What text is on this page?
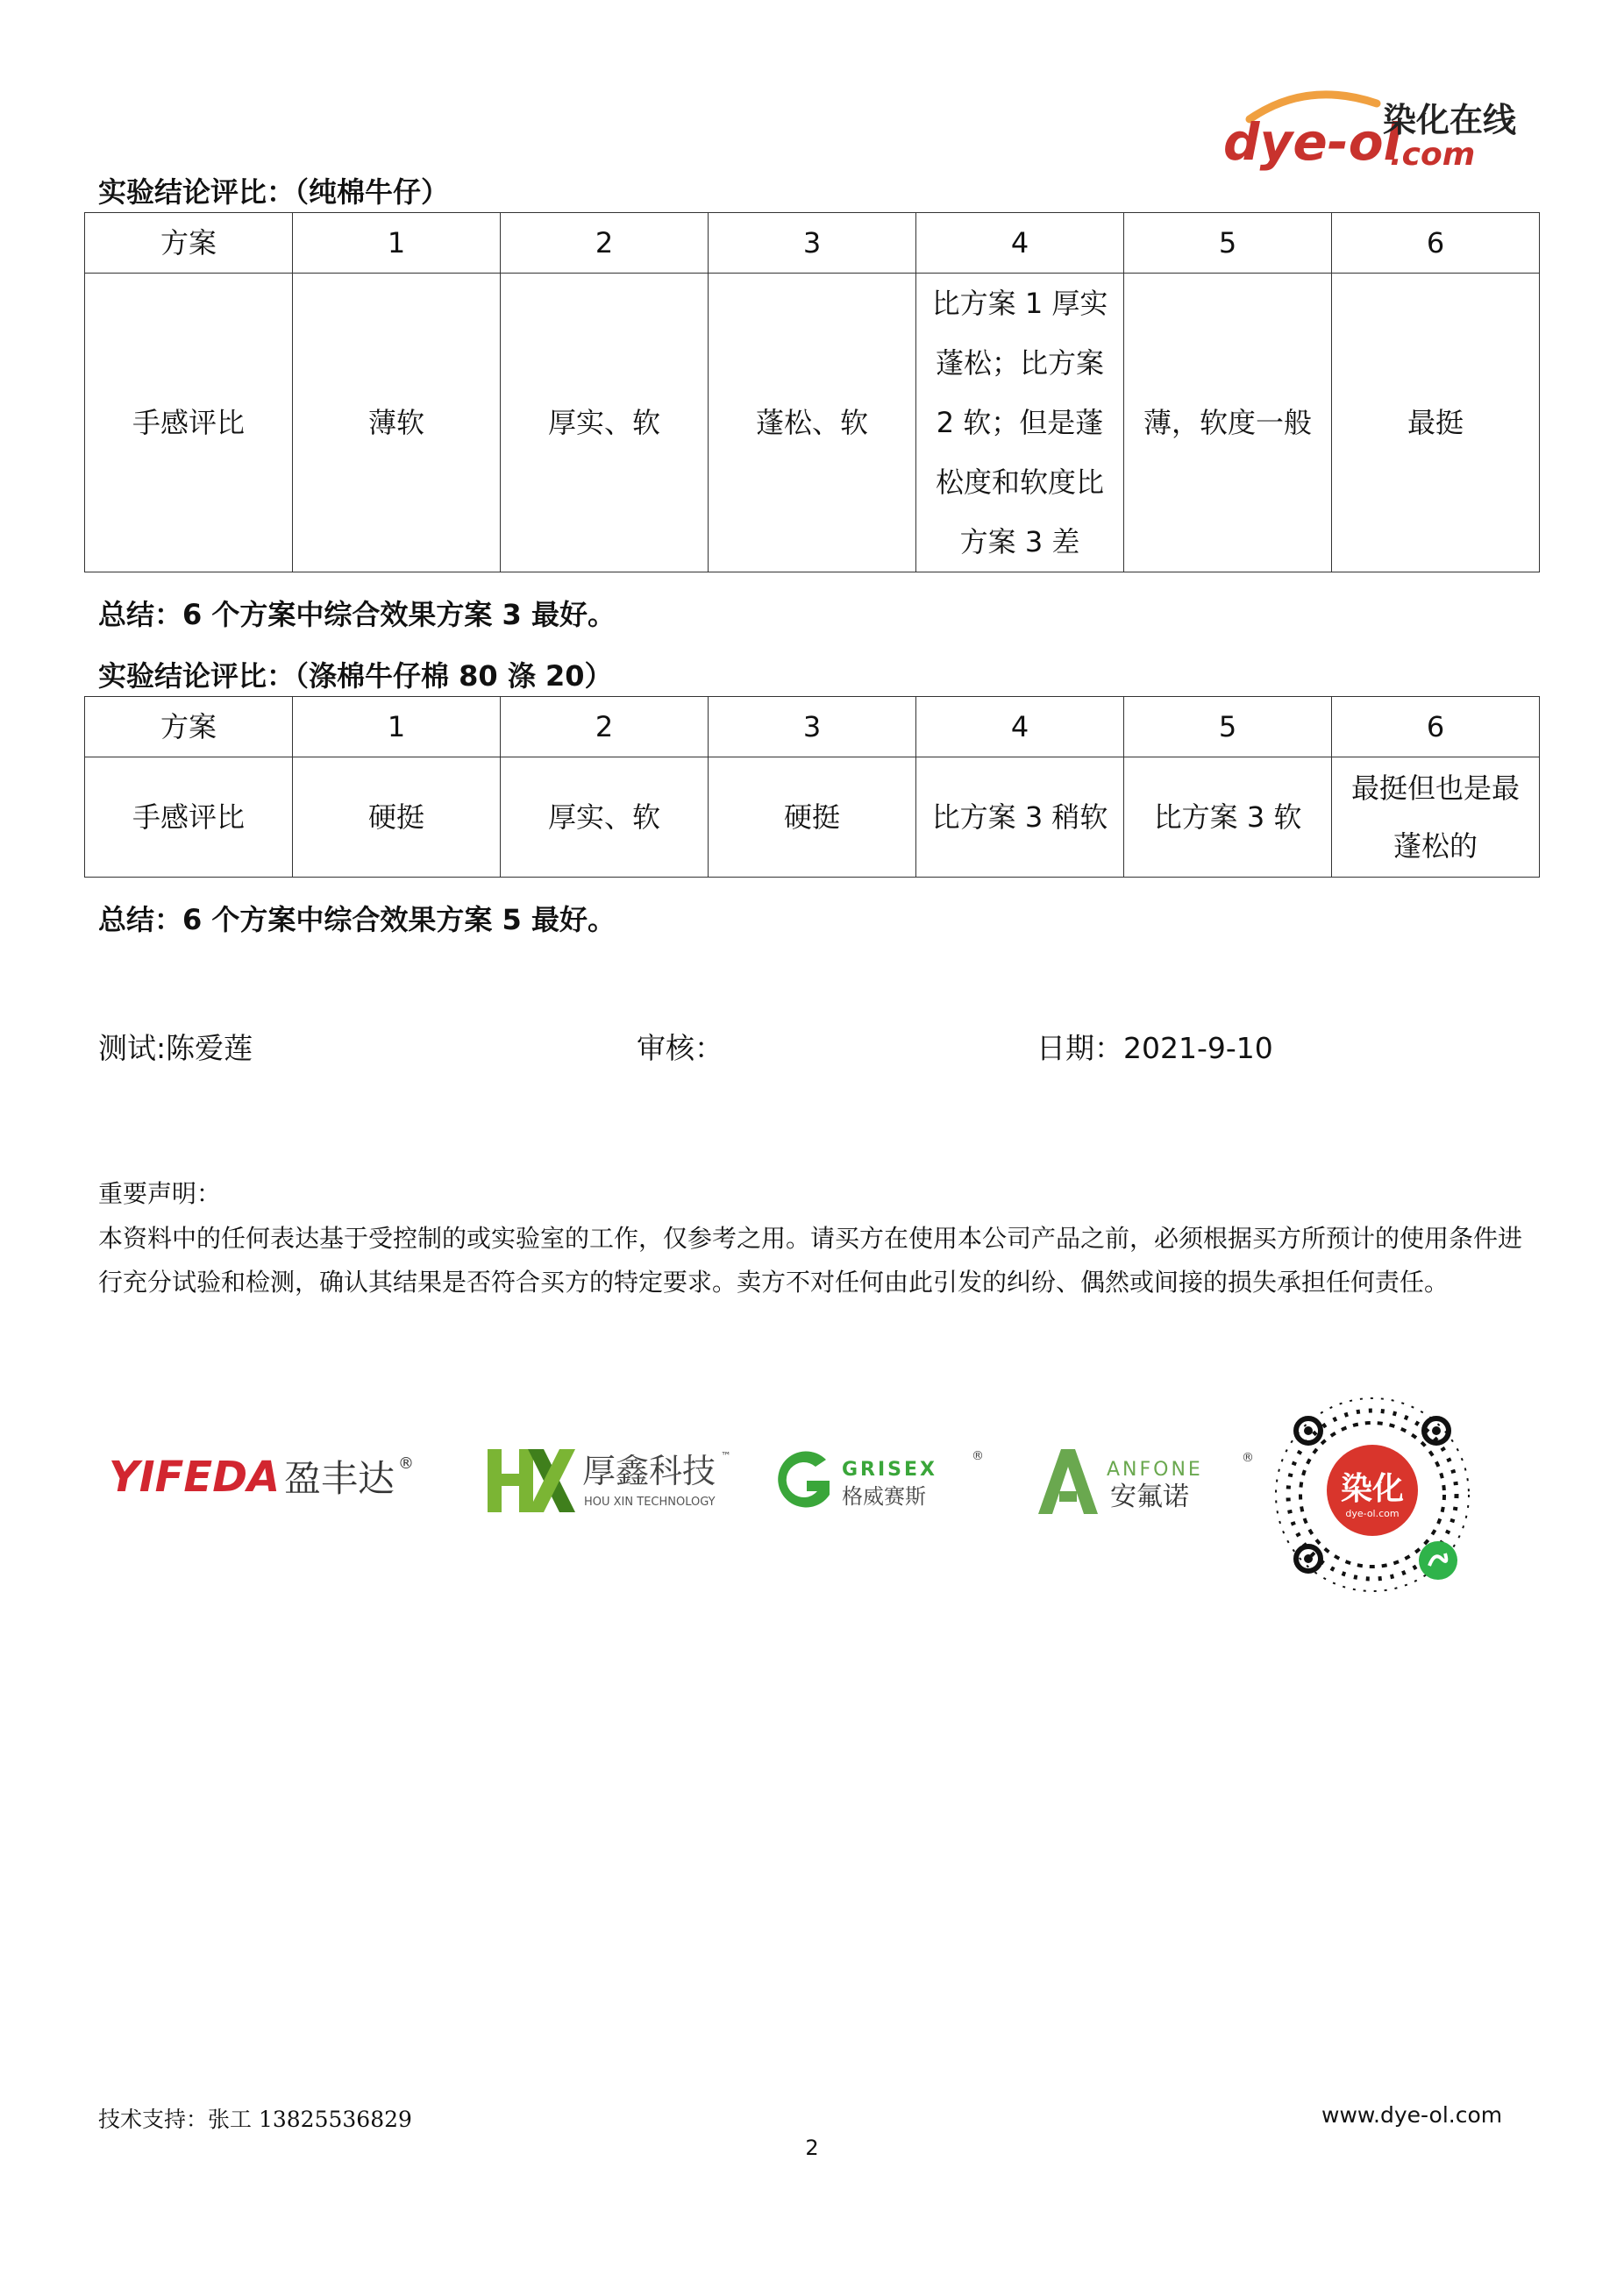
dye-ol
染化在线
.com
实验结论评比：（纯棉牛仔）
方案	1	2	3	4	5	6
手感评比	薄软	厚实、软	蓬松、软	比方案 1 厚实蓬松；比方案 2 软；但是蓬松度和软度比方案 3 差	薄，软度一般	最挺
总结：6 个方案中综合效果方案 3 最好。
实验结论评比：（涤棉牛仔棉 80 涤 20）
方案	1	2	3	4	5	6
手感评比	硬挺	厚实、软	硬挺	比方案 3 稍软	比方案 3 软	最挺但也是最蓬松的
总结：6 个方案中综合效果方案 5 最好。
测试:陈爱莲	审核：	日期：2021-9-10
重要声明：
本资料中的任何表达基于受控制的或实验室的工作，仅参考之用。请买方在使用本公司产品之前，必须根据买方所预计的使用条件进行充分试验和检测，确认其结果是否符合买方的特定要求。卖方不对任何由此引发的纠纷、偶然或间接的损失承担任何责任。
YIFEDA 盈丰达 ®	厚鑫科技 ™
HOU XIN TECHNOLOGY
GRISEX
®
格威赛斯
ANFONE
®
安氟诺	染化
dye-ol.com
技术支持：张工 13825536829	www.dye-ol.com
2
